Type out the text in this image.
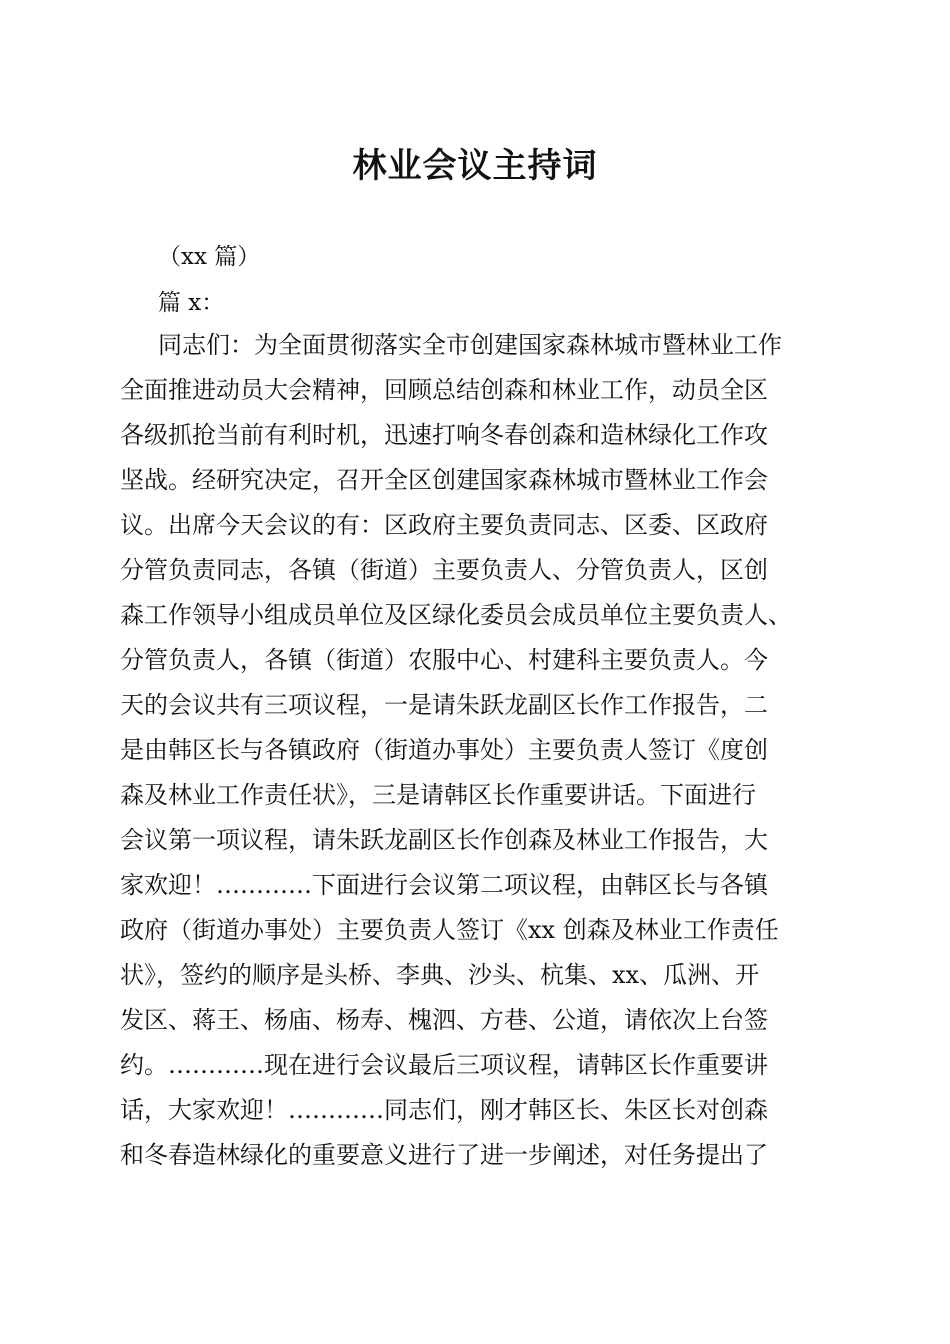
林业会议主持词

（xx 篇）

篇 x：

同志们：为全面贯彻落实全市创建国家森林城市暨林业工作

全面推进动员大会精神，回顾总结创森和林业工作，动员全区

各级抓抢当前有利时机，迅速打响冬春创森和造林绿化工作攻

坚战。经研究决定，召开全区创建国家森林城市暨林业工作会

议。出席今天会议的有：区政府主要负责同志、区委、区政府

分管负责同志，各镇（街道）主要负责人、分管负责人，区创

森工作领导小组成员单位及区绿化委员会成员单位主要负责人、

分管负责人，各镇（街道）农服中心、村建科主要负责人。今

天的会议共有三项议程，一是请朱跃龙副区长作工作报告，二

是由韩区长与各镇政府（街道办事处）主要负责人签订《度创

森及林业工作责任状》，三是请韩区长作重要讲话。下面进行

会议第一项议程，请朱跃龙副区长作创森及林业工作报告，大

家欢迎！…………下面进行会议第二项议程，由韩区长与各镇

政府（街道办事处）主要负责人签订《xx 创森及林业工作责任

状》，签约的顺序是头桥、李典、沙头、杭集、xx、瓜洲、开

发区、蒋王、杨庙、杨寿、槐泗、方巷、公道，请依次上台签

约。…………现在进行会议最后三项议程，请韩区长作重要讲

话，大家欢迎！…………同志们，刚才韩区长、朱区长对创森

和冬春造林绿化的重要意义进行了进一步阐述，对任务提出了
